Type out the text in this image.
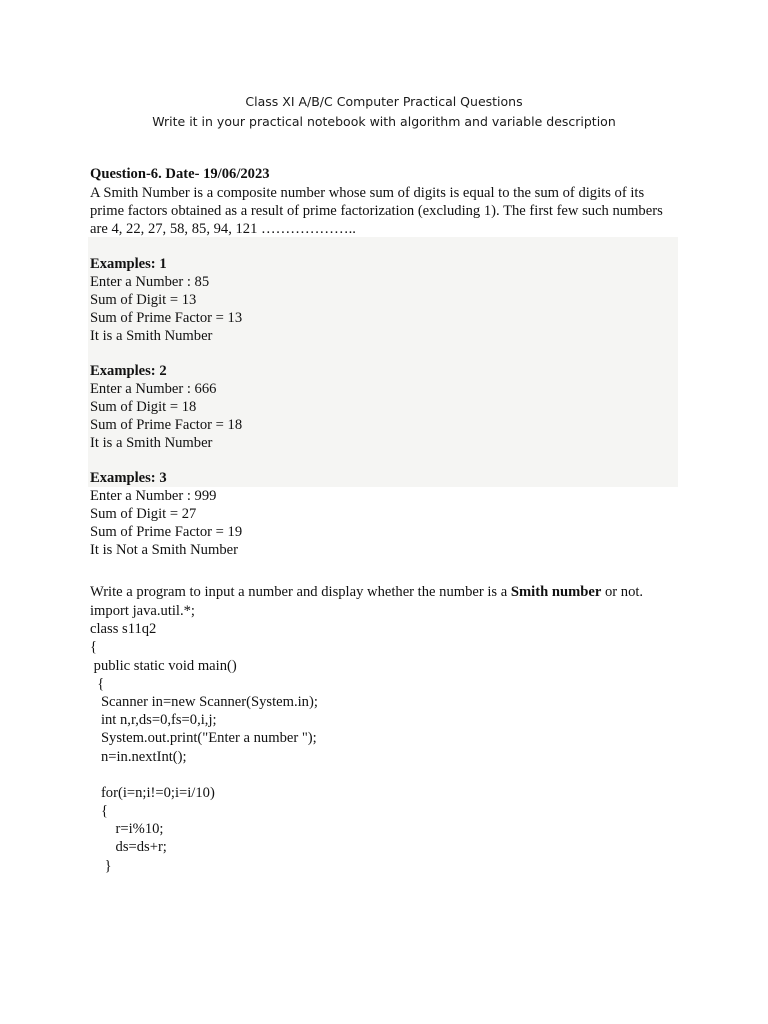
Class XI A/B/C Computer Practical Questions
Write it in your practical notebook with algorithm and variable description
Question-6. Date- 19/06/2023
A Smith Number is a composite number whose sum of digits is equal to the sum of digits of its prime factors obtained as a result of prime factorization (excluding 1). The first few such numbers are 4, 22, 27, 58, 85, 94, 121 ………………..
Examples: 1
Enter a Number : 85
Sum of Digit = 13
Sum of Prime Factor = 13
It is a Smith Number
Examples: 2
Enter a Number : 666
Sum of Digit = 18
Sum of Prime Factor = 18
It is a Smith Number
Examples: 3
Enter a Number : 999
Sum of Digit = 27
Sum of Prime Factor = 19
It is Not a Smith Number
Write a program to input a number and display whether the number is a Smith number or not.
import java.util.*;
class s11q2
{
public static void main()
{
Scanner in=new Scanner(System.in);
int n,r,ds=0,fs=0,i,j;
System.out.print("Enter a number ");
n=in.nextInt();
for(i=n;i!=0;i=i/10)
{
r=i%10;
ds=ds+r;
}
